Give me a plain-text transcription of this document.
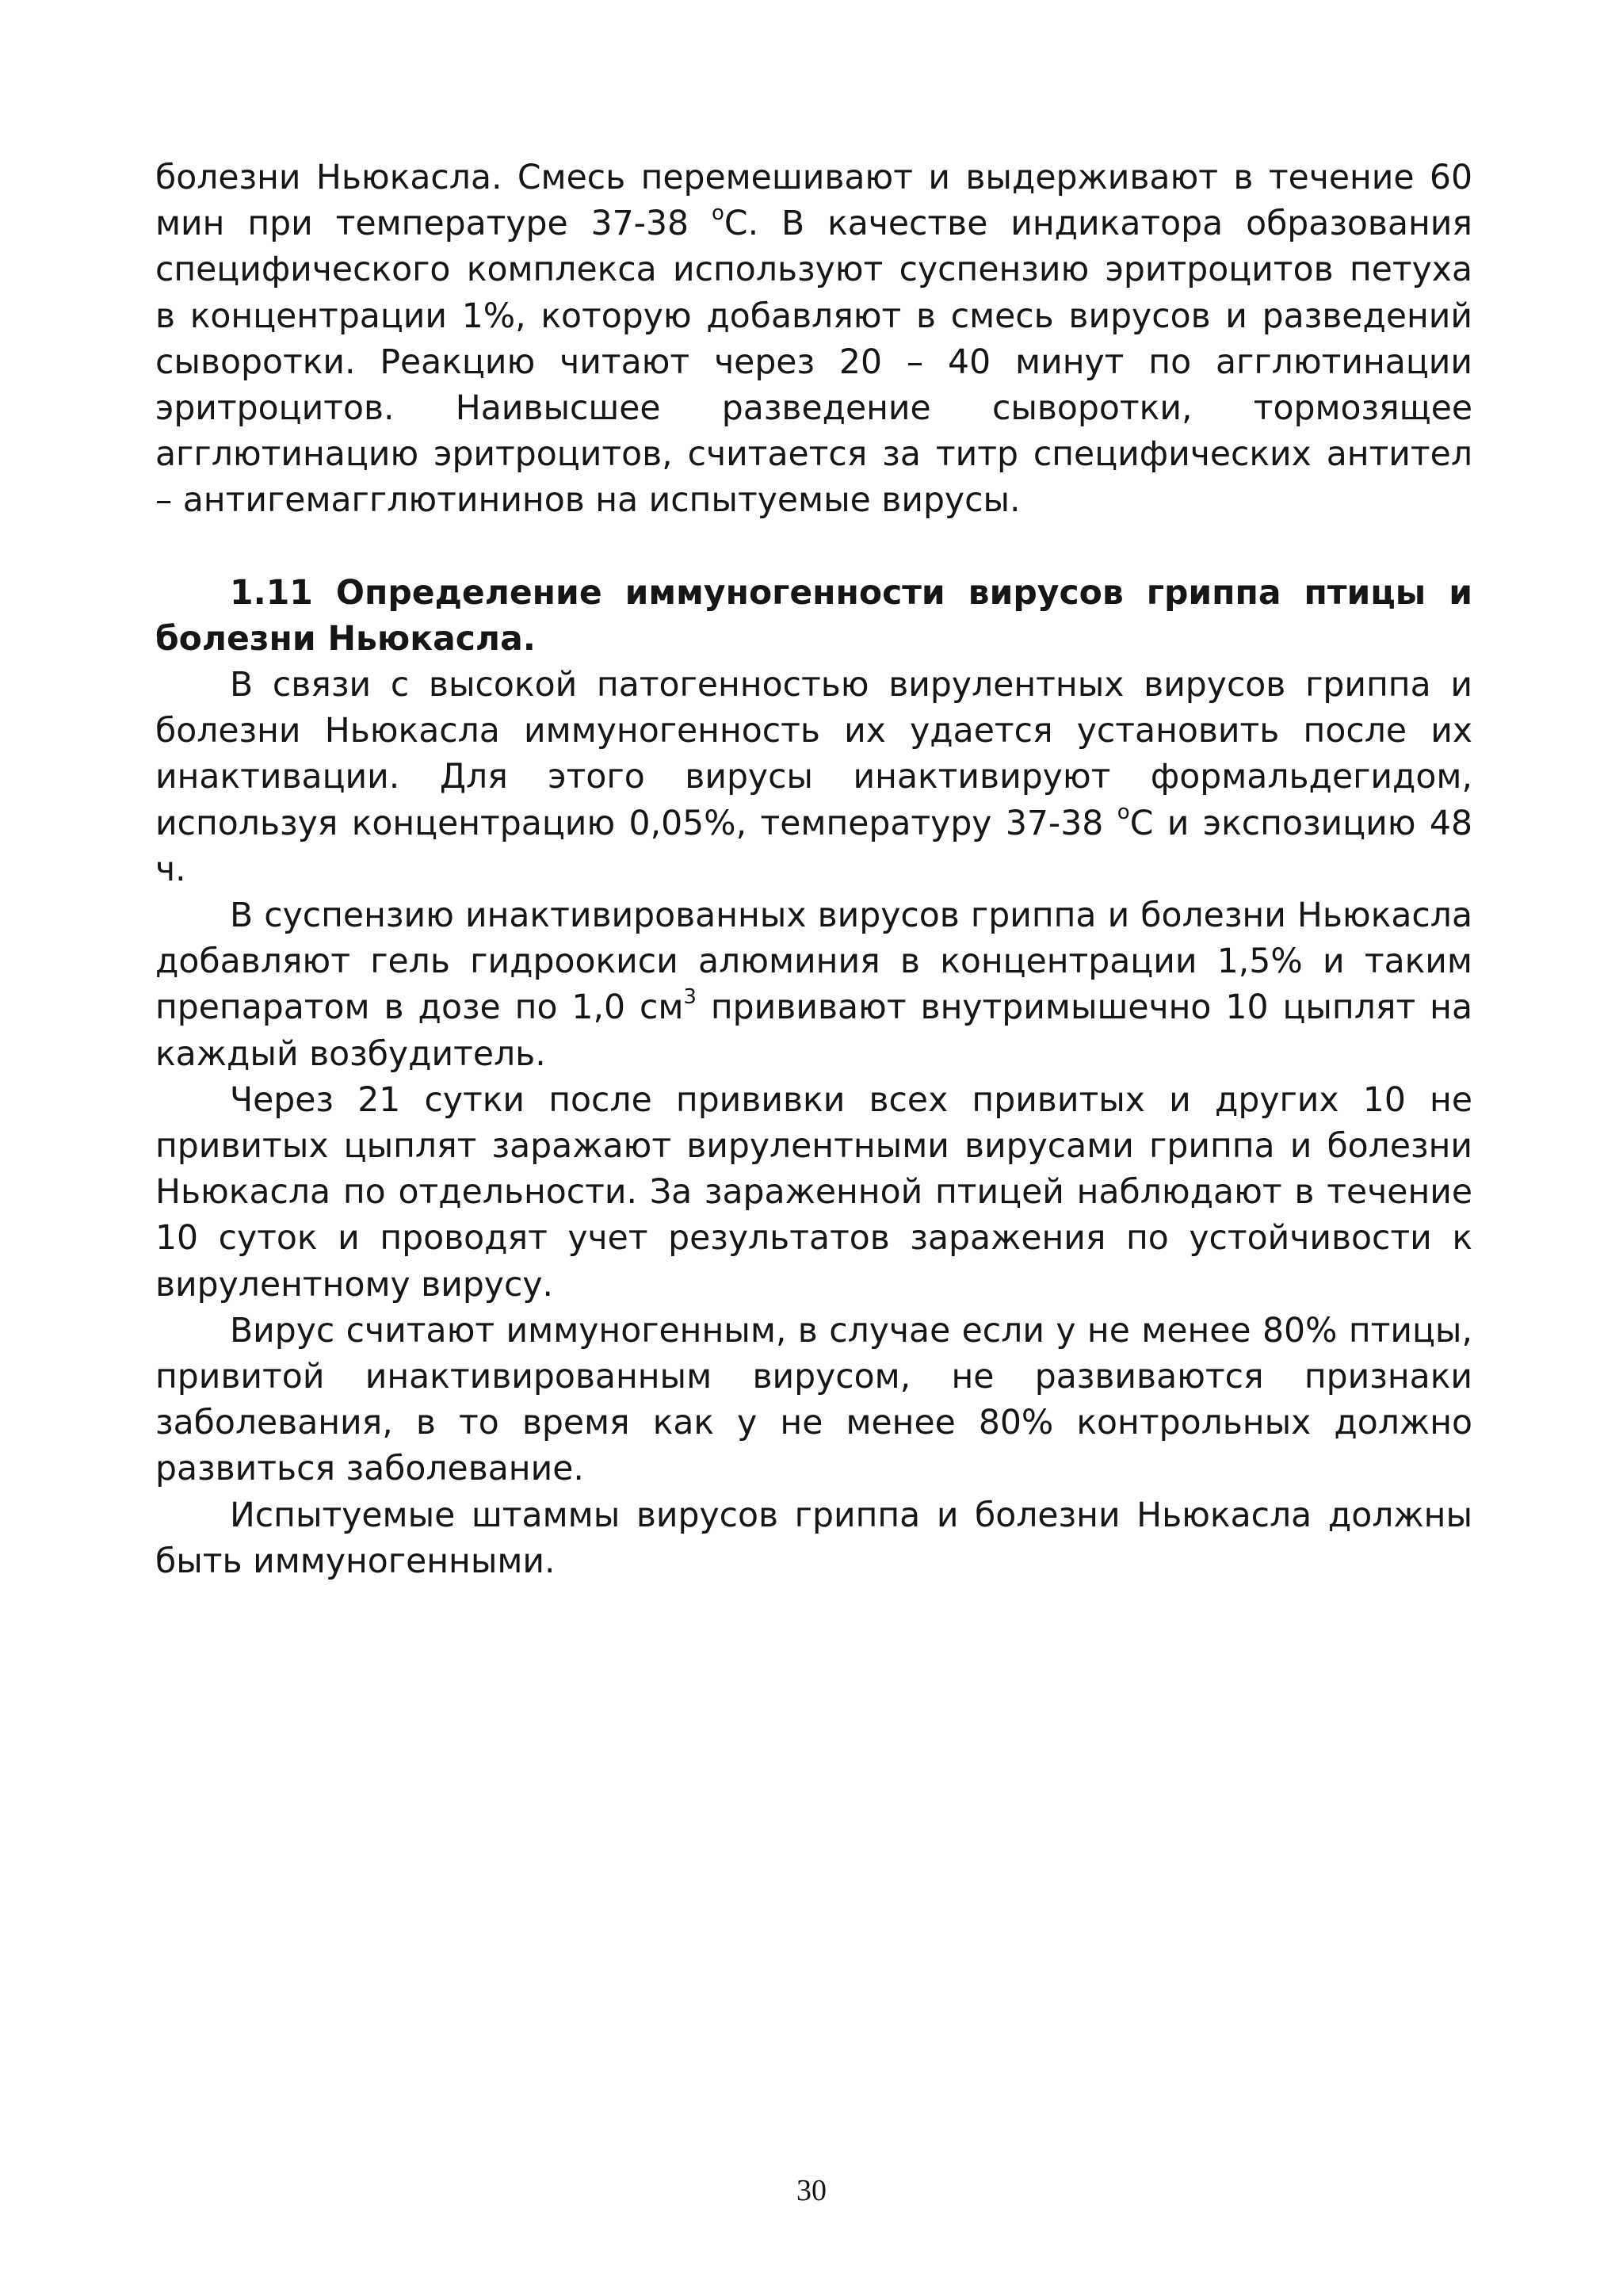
болезни Ньюкасла. Смесь перемешивают и выдерживают в течение 60 мин при температуре 37-38 $^о$С. В качестве индикатора образования специфического комплекса используют суспензию эритроцитов петуха в концентрации 1%, которую добавляют в смесь вирусов и разведений сыворотки. Реакцию читают через 20 – 40 минут по агглютинации эритроцитов. Наивысшее разведение сыворотки, тормозящее агглютинацию эритроцитов, считается за титр специфических антител – антигемагглютининов на испытуемые вирусы.

1.11 Определение иммуногенности вирусов гриппа птицы и болезни Ньюкасла.

В связи с высокой патогенностью вирулентных вирусов гриппа и болезни Ньюкасла иммуногенность их удается установить после их инактивации. Для этого вирусы инактивируют формальдегидом, используя концентрацию 0,05%, температуру 37-38 $^о$С и экспозицию 48 ч.

В суспензию инактивированных вирусов гриппа и болезни Ньюкасла добавляют гель гидроокиси алюминия в концентрации 1,5% и таким препаратом в дозе по 1,0 $см^3$ прививают внутримышечно 10 цыплят на каждый возбудитель.

Через 21 сутки после прививки всех привитых и других 10 не привитых цыплят заражают вирулентными вирусами гриппа и болезни Ньюкасла по отдельности. За зараженной птицей наблюдают в течение 10 суток и проводят учет результатов заражения по устойчивости к вирулентному вирусу.

Вирус считают иммуногенным, в случае если у не менее 80% птицы, привитой инактивированным вирусом, не развиваются признаки заболевания, в то время как у не менее 80% контрольных должно развиться заболевание.

Испытуемые штаммы вирусов гриппа и болезни Ньюкасла должны быть иммуногенными.

30
